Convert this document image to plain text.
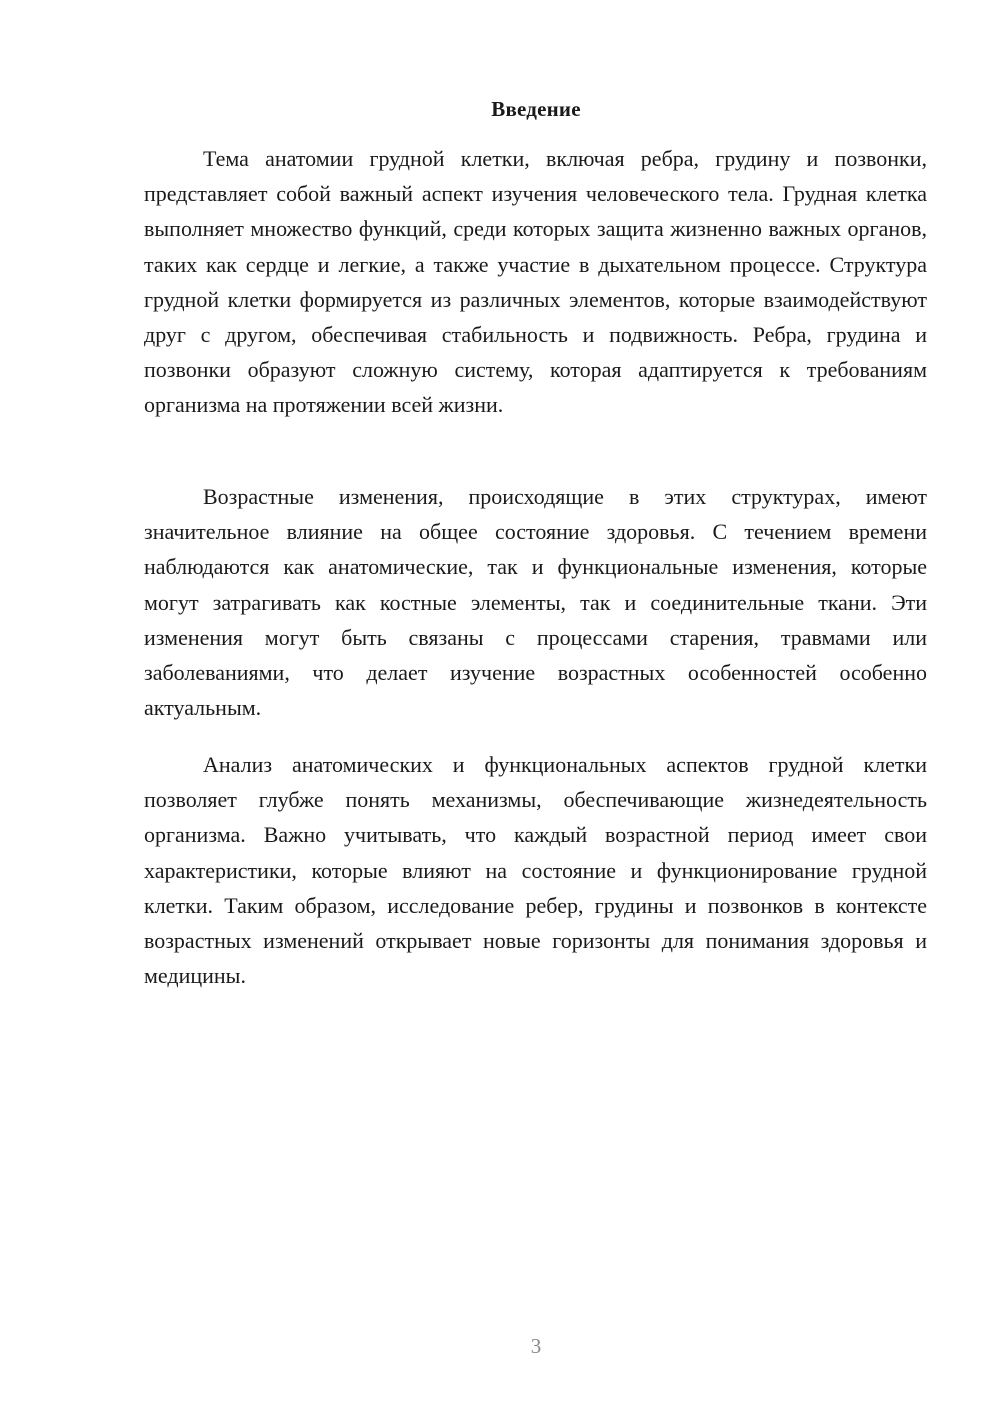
Введение

Тема анатомии грудной клетки, включая ребра, грудину и позвонки, представляет собой важный аспект изучения человеческого тела. Грудная клетка выполняет множество функций, среди которых защита жизненно важных органов, таких как сердце и легкие, а также участие в дыхательном процессе. Структура грудной клетки формируется из различных элементов, которые взаимодействуют друг с другом, обеспечивая стабильность и подвижность. Ребра, грудина и позвонки образуют сложную систему, которая адаптируется к требованиям организма на протяжении всей жизни.

Возрастные изменения, происходящие в этих структурах, имеют значительное влияние на общее состояние здоровья. С течением времени наблюдаются как анатомические, так и функциональные изменения, которые могут затрагивать как костные элементы, так и соединительные ткани. Эти изменения могут быть связаны с процессами старения, травмами или заболеваниями, что делает изучение возрастных особенностей особенно актуальным.

Анализ анатомических и функциональных аспектов грудной клетки позволяет глубже понять механизмы, обеспечивающие жизнедеятельность организма. Важно учитывать, что каждый возрастной период имеет свои характеристики, которые влияют на состояние и функционирование грудной клетки. Таким образом, исследование ребер, грудины и позвонков в контексте возрастных изменений открывает новые горизонты для понимания здоровья и медицины.

3
